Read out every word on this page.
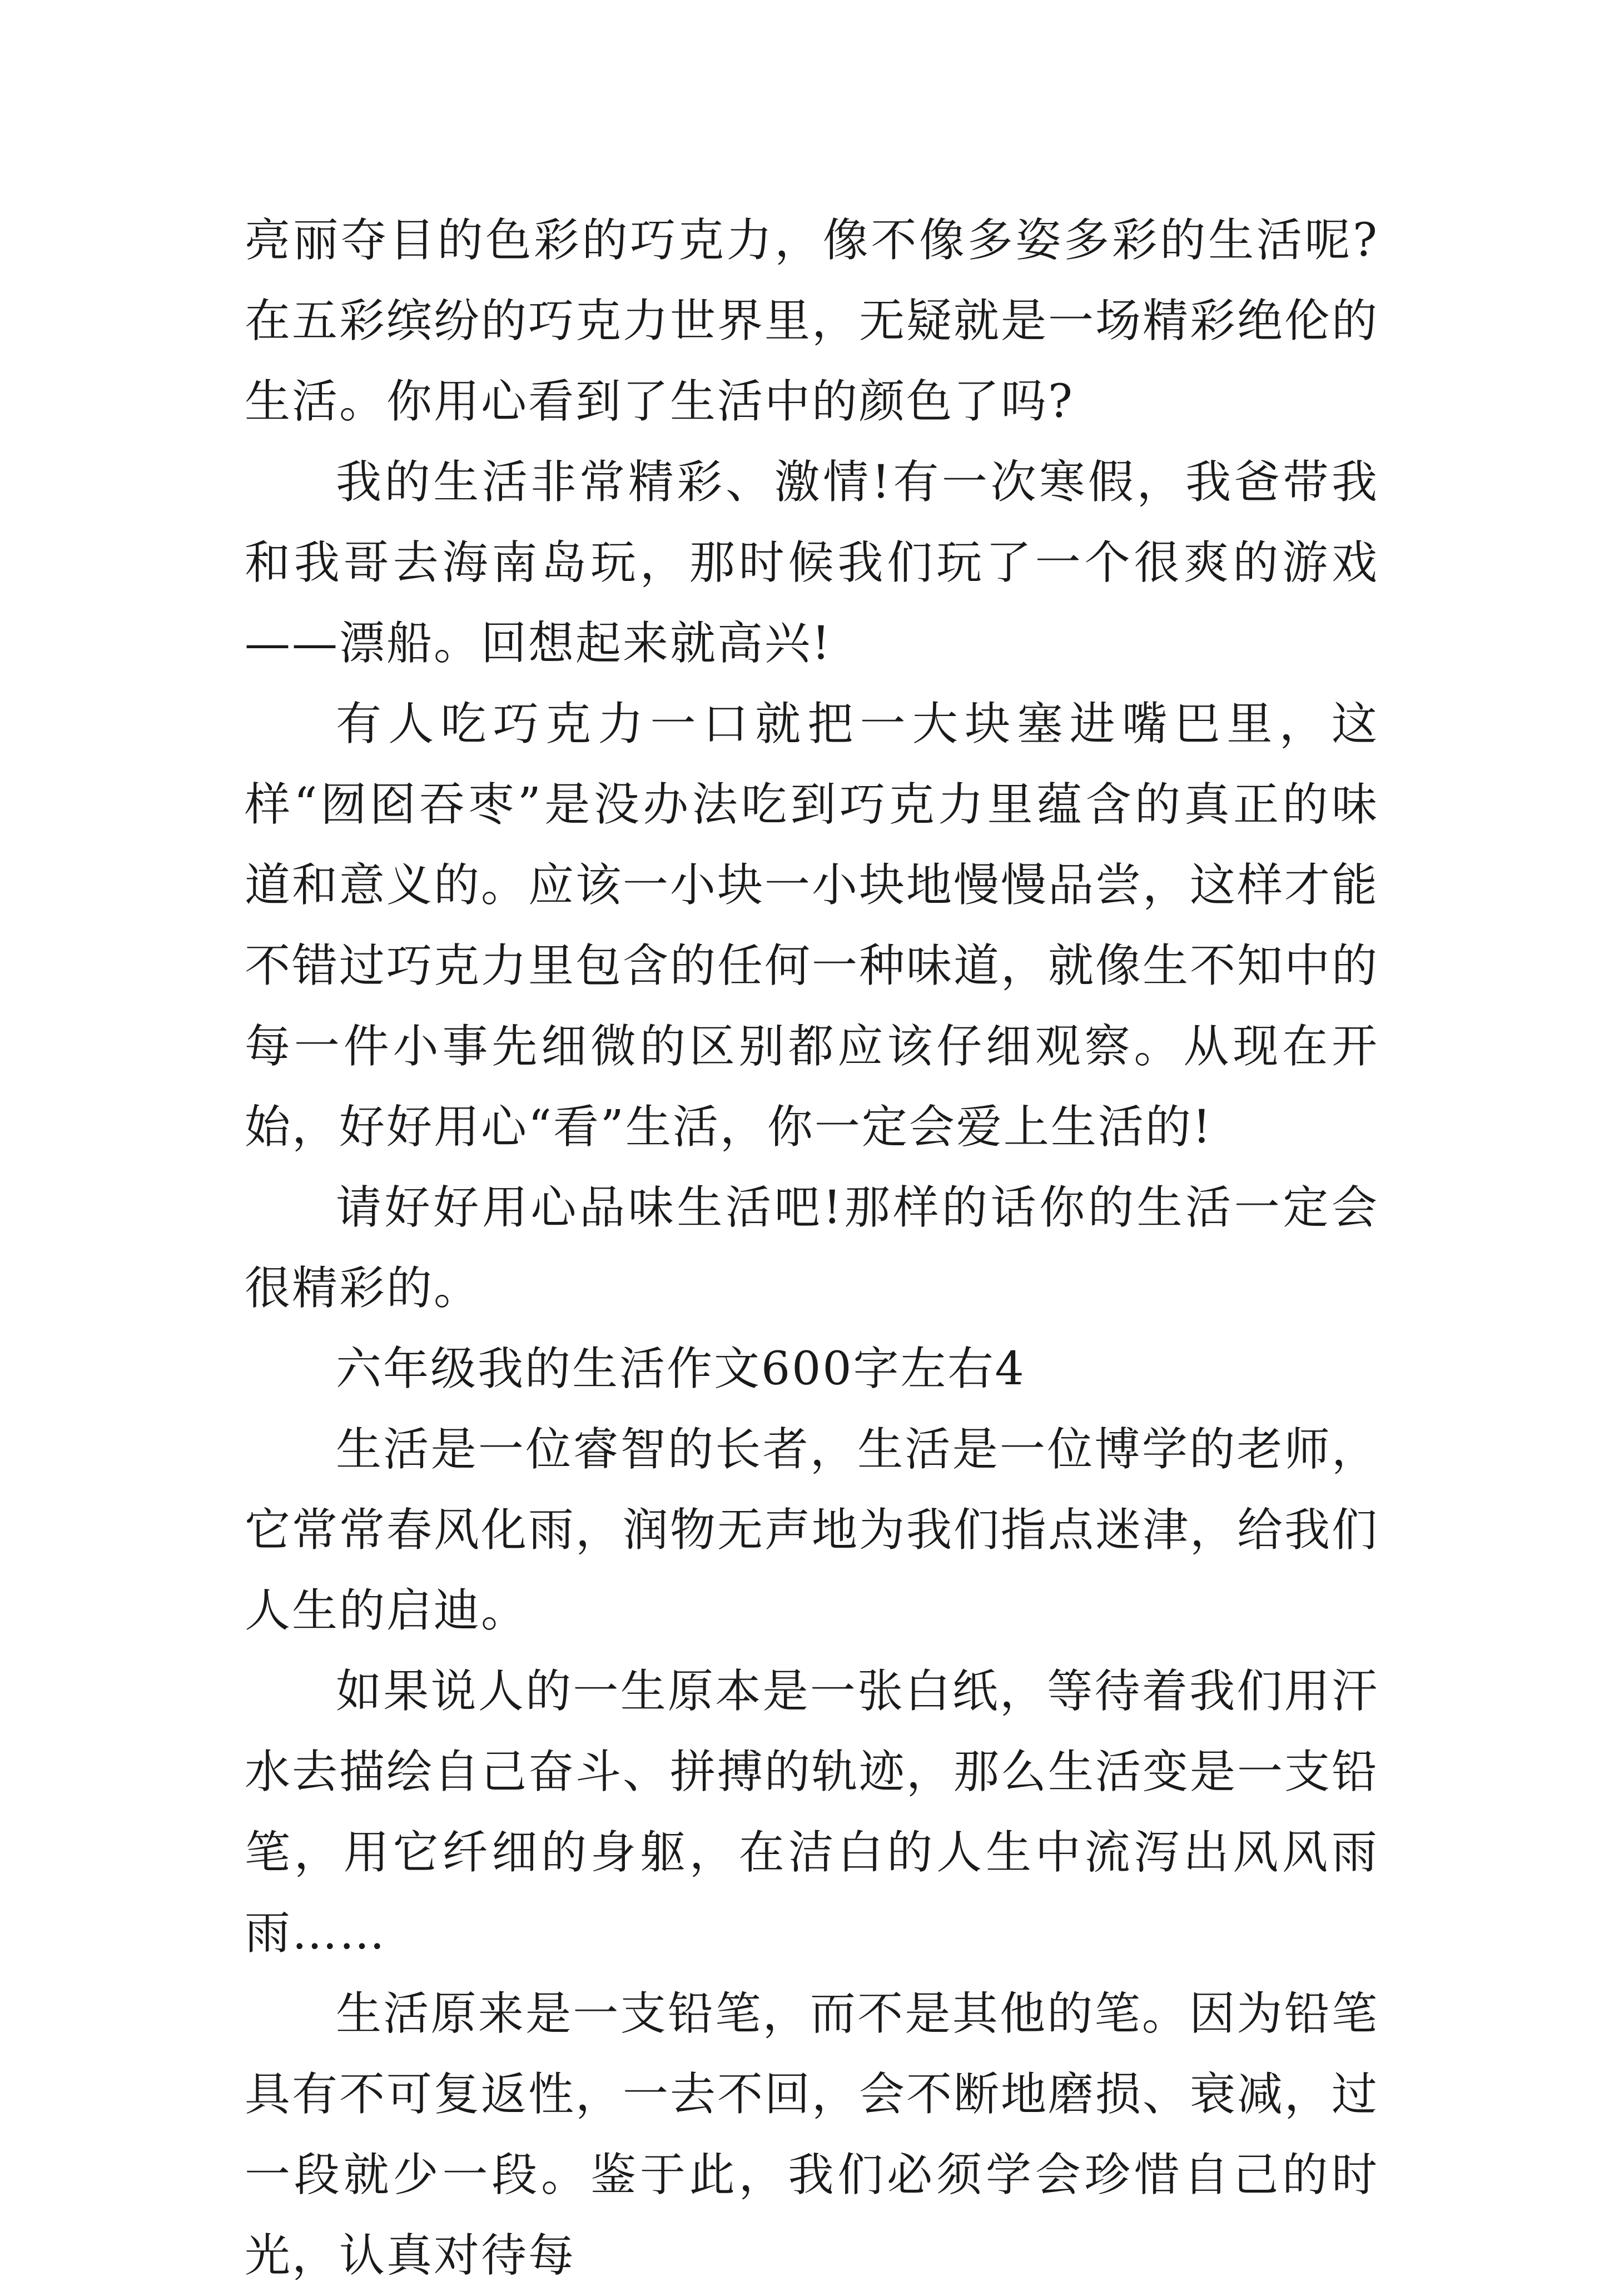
亮丽夺目的色彩的巧克力，像不像多姿多彩的生活呢?在五彩缤纷的巧克力世界里，无疑就是一场精彩绝伦的生活。你用心看到了生活中的颜色了吗?

我的生活非常精彩、激情!有一次寒假，我爸带我和我哥去海南岛玩，那时候我们玩了一个很爽的游戏——漂船。回想起来就高兴!

有人吃巧克力一口就把一大块塞进嘴巴里，这样“囫囵吞枣”是没办法吃到巧克力里蕴含的真正的味道和意义的。应该一小块一小块地慢慢品尝，这样才能不错过巧克力里包含的任何一种味道，就像生不知中的每一件小事先细微的区别都应该仔细观察。从现在开始，好好用心“看”生活，你一定会爱上生活的!

请好好用心品味生活吧!那样的话你的生活一定会很精彩的。

六年级我的生活作文600字左右4

生活是一位睿智的长者，生活是一位博学的老师，它常常春风化雨，润物无声地为我们指点迷津，给我们人生的启迪。

如果说人的一生原本是一张白纸，等待着我们用汗水去描绘自己奋斗、拼搏的轨迹，那么生活变是一支铅笔，用它纤细的身躯，在洁白的人生中流泻出风风雨雨……

生活原来是一支铅笔，而不是其他的笔。因为铅笔具有不可复返性，一去不回，会不断地磨损、衰减，过一段就少一段。鉴于此，我们必须学会珍惜自己的时光，认真对待每
